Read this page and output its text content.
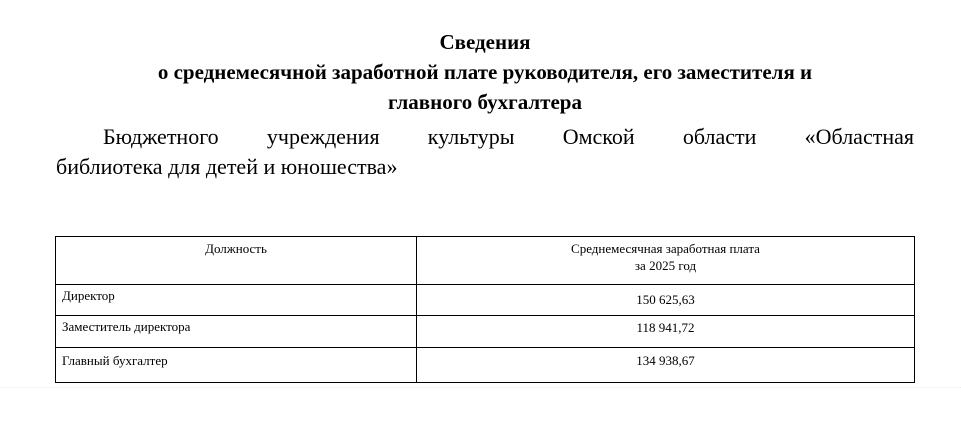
Сведения
о среднемесячной заработной плате руководителя, его заместителя и
главного бухгалтера
Бюджетного учреждения культуры Омской области «Областная
библиотека для детей и юношества»
Должность	Среднемесячная заработная плата
за 2025 год

Директор	150 625,63
Заместитель директора	118 941,72
Главный бухгалтер	134 938,67
